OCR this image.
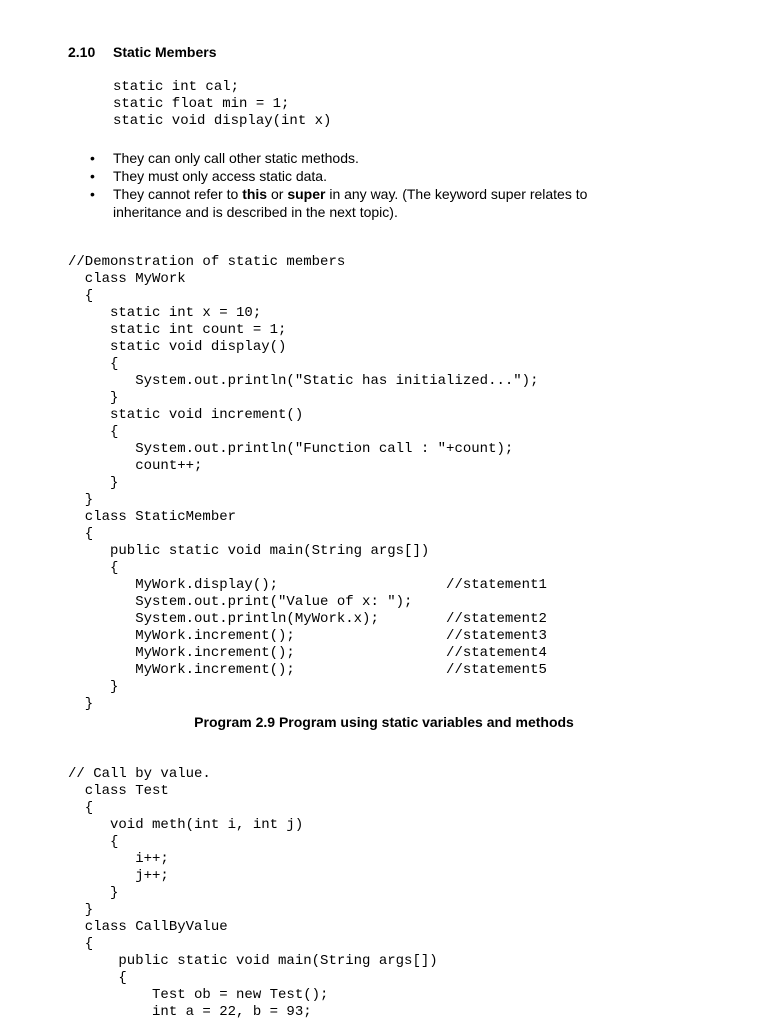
2.10 Static Members
static int cal;
static float min = 1;
static void display(int x)
• They can only call other static methods.
• They must only access static data.
• They cannot refer to this or super in any way. (The keyword super relates to inheritance and is described in the next topic).
//Demonstration of static members
class MyWork
{
static int x = 10;
static int count = 1;
static void display()
{
System.out.println("Static has initialized...");
}
static void increment()
{
System.out.println("Function call : "+count);
count++;
}
}
class StaticMember
{
public static void main(String args[])
{
MyWork.display();                    //statement1
System.out.print("Value of x: ");
System.out.println(MyWork.x);        //statement2
MyWork.increment();                  //statement3
MyWork.increment();                  //statement4
MyWork.increment();                  //statement5
}
}
Program 2.9 Program using static variables and methods
// Call by value.
class Test
{
void meth(int i, int j)
{
i++;
j++;
}
}
class CallByValue
{
public static void main(String args[])
{
Test ob = new Test();
int a = 22, b = 93;
